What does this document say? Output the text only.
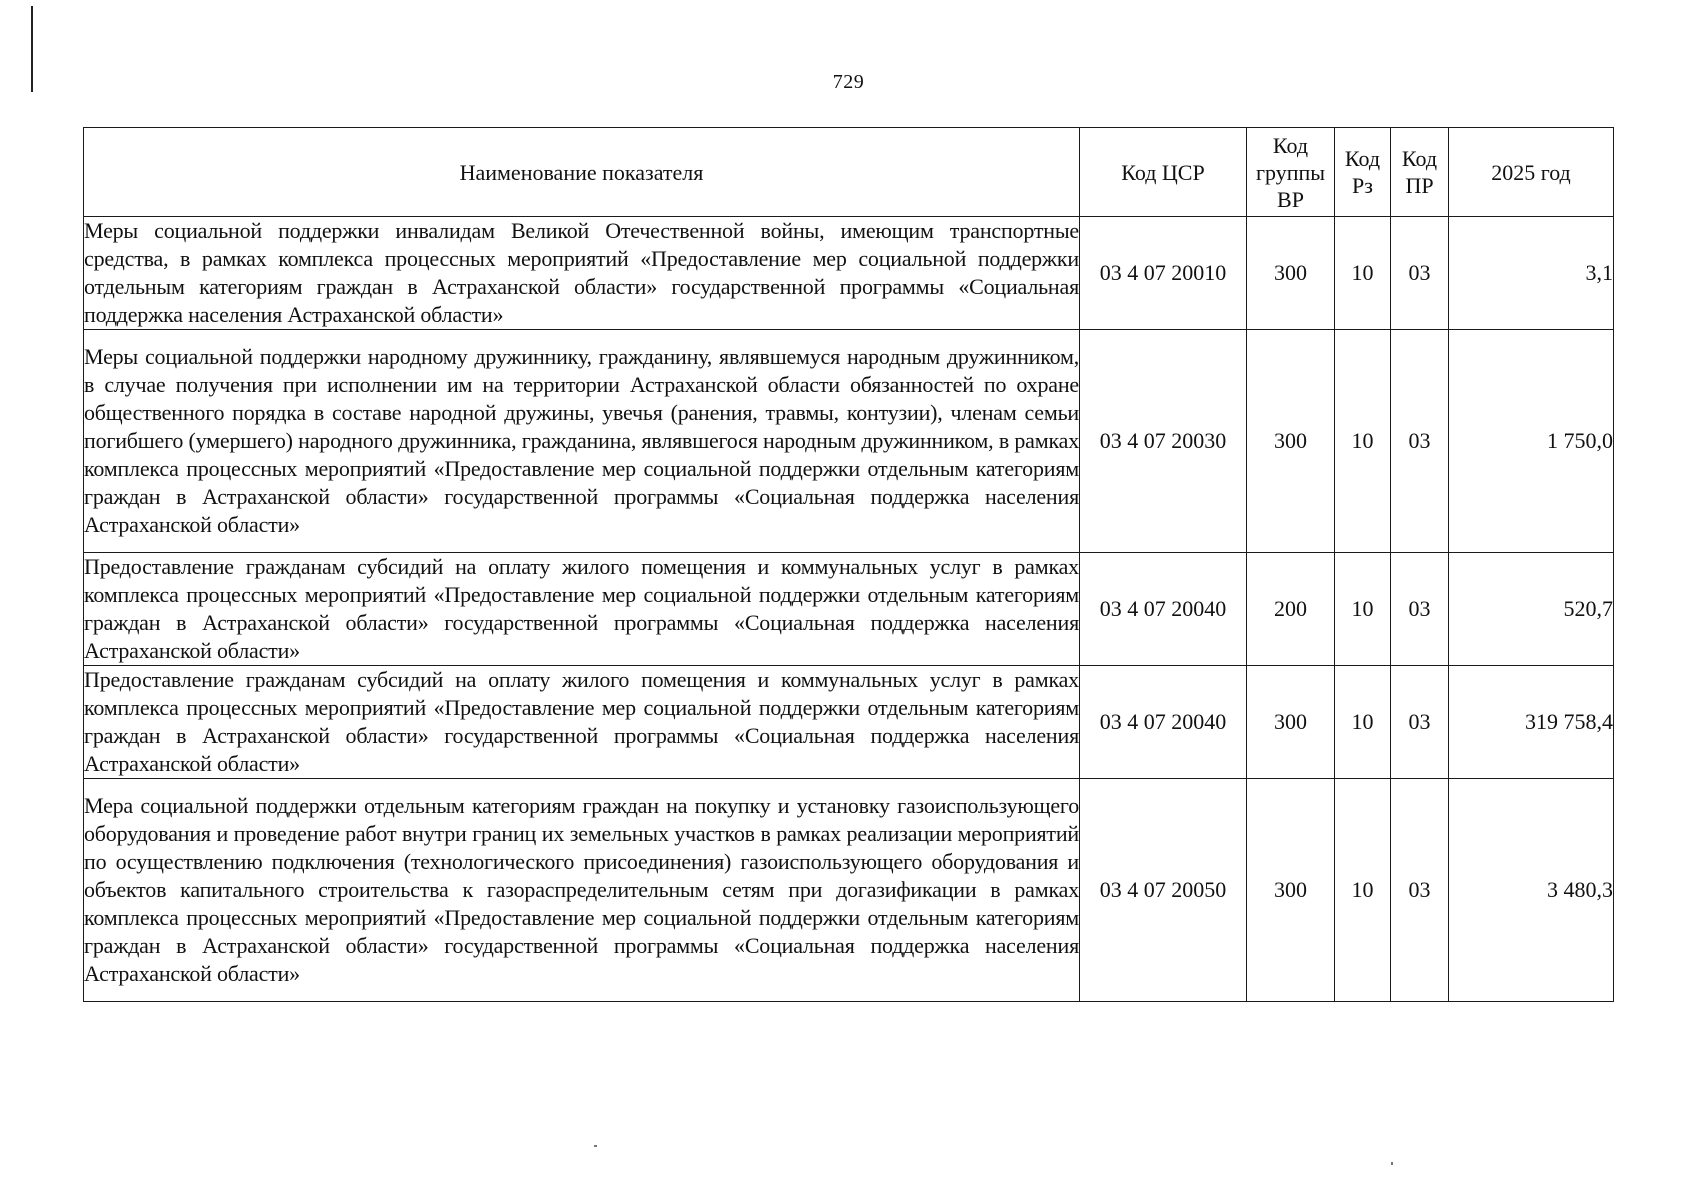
729
Наименование показателя	Код ЦСР	Код группы ВР	Код Рз	Код ПР	2025 год
Меры социальной поддержки инвалидам Великой Отечественной войны, имеющим транспортные средства, в рамках комплекса процессных мероприятий «Предоставление мер социальной поддержки отдельным категориям граждан в Астраханской области» государственной программы «Социальная поддержка населения Астраханской области»	03 4 07 20010	300	10	03	3,1
Меры социальной поддержки народному дружиннику, гражданину, являвшемуся народным дружинником, в случае получения при исполнении им на территории Астраханской области обязанностей по охране общественного порядка в составе народной дружины, увечья (ранения, травмы, контузии), членам семьи погибшего (умершего) народного дружинника, гражданина, являвшегося народным дружинником, в рамках комплекса процессных мероприятий «Предоставление мер социальной поддержки отдельным категориям граждан в Астраханской области» государственной программы «Социальная поддержка населения Астраханской области»	03 4 07 20030	300	10	03	1 750,0
Предоставление гражданам субсидий на оплату жилого помещения и коммунальных услуг в рамках комплекса процессных мероприятий «Предоставление мер социальной поддержки отдельным категориям граждан в Астраханской области» государственной программы «Социальная поддержка населения Астраханской области»	03 4 07 20040	200	10	03	520,7
Предоставление гражданам субсидий на оплату жилого помещения и коммунальных услуг в рамках комплекса процессных мероприятий «Предоставление мер социальной поддержки отдельным категориям граждан в Астраханской области» государственной программы «Социальная поддержка населения Астраханской области»	03 4 07 20040	300	10	03	319 758,4
Мера социальной поддержки отдельным категориям граждан на покупку и установку газоиспользующего оборудования и проведение работ внутри границ их земельных участков в рамках реализации мероприятий по осуществлению подключения (технологического присоединения) газоиспользующего оборудования и объектов капитального строительства к газораспределительным сетям при догазификации в рамках комплекса процессных мероприятий «Предоставление мер социальной поддержки отдельным категориям граждан в Астраханской области» государственной программы «Социальная поддержка населения Астраханской области»	03 4 07 20050	300	10	03	3 480,3
